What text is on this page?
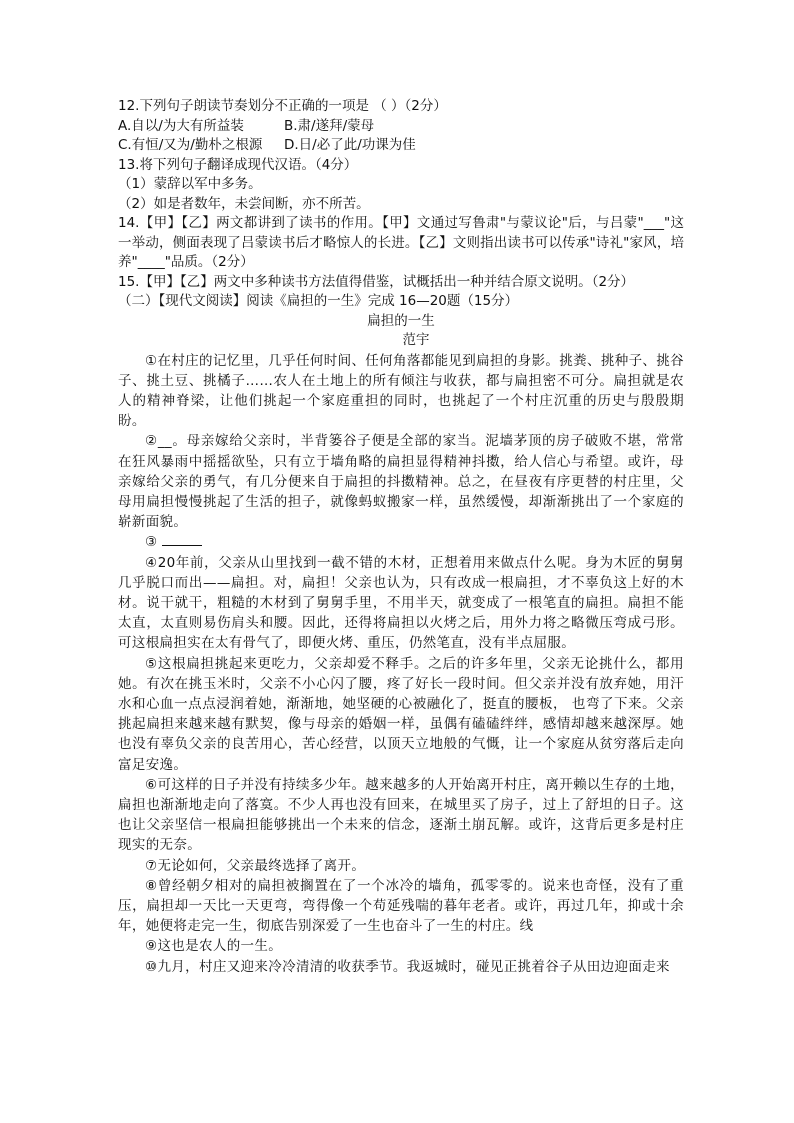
12.下列句子朗读节奏划分不正确的一项是 （ ）（2分）

A.自以/为大有所益装	B.肃/遂拜/蒙母
C.有恒/又为/勤朴之根源	D.日/必了此/功课为佳

13.将下列句子翻译成现代汉语。（4分）

（1）蒙辞以军中多务。

（2）如是者数年，未尝间断，亦不所苦。

14.【甲】【乙】两文都讲到了读书的作用。【甲】文通过写鲁肃"与蒙议论"后，与吕蒙"___"这一举动，侧面表现了吕蒙读书后才略惊人的长进。【乙】文则指出读书可以传承"诗礼"家风，培养"____"品质。（2分）

15.【甲】【乙】两文中多种读书方法值得借鉴，试概括出一种并结合原文说明。（2分）

（二）【现代文阅读】阅读《扁担的一生》完成 16—20题（15分）

扁担的一生

范宇

①在村庄的记忆里，几乎任何时间、任何角落都能见到扁担的身影。挑粪、挑种子、挑谷子、挑土豆、挑橘子……农人在土地上的所有倾注与收获，都与扁担密不可分。扁担就是农人的精神脊梁，让他们挑起一个家庭重担的同时，也挑起了一个村庄沉重的历史与殷殷期盼。

②__。母亲嫁给父亲时，半背篓谷子便是全部的家当。泥墙茅顶的房子破败不堪，常常在狂风暴雨中摇摇欲坠，只有立于墙角略的扁担显得精神抖擞，给人信心与希望。或许，母亲嫁给父亲的勇气，有几分便来自于扁担的抖擞精神。总之，在昼夜有序更替的村庄里，父母用扁担慢慢挑起了生活的担子，就像蚂蚁搬家一样，虽然缓慢，却渐渐挑出了一个家庭的崭新面貌。

③

④20年前，父亲从山里找到一截不错的木材，正想着用来做点什么呢。身为木匠的舅舅几乎脱口而出——扁担。对，扁担！父亲也认为，只有改成一根扁担，才不辜负这上好的木材。说干就干，粗糙的木材到了舅舅手里，不用半天，就变成了一根笔直的扁担。扁担不能太直，太直则易伤肩头和腰。因此，还得将扁担以火烤之后，用外力将之略微压弯成弓形。可这根扁担实在太有骨气了，即便火烤、重压，仍然笔直，没有半点屈服。

⑤这根扁担挑起来更吃力，父亲却爱不释手。之后的许多年里，父亲无论挑什么，都用她。有次在挑玉米时，父亲不小心闪了腰，疼了好长一段时间。但父亲并没有放弃她，用汗水和心血一点点浸润着她，渐渐地，她坚硬的心被融化了，挺直的腰板， 也弯了下来。父亲挑起扁担来越来越有默契，像与母亲的婚姻一样，虽偶有磕磕绊绊，感情却越来越深厚。她也没有辜负父亲的良苦用心，苦心经营，以顶天立地般的气慨，让一个家庭从贫穷落后走向富足安逸。

⑥可这样的日子并没有持续多少年。越来越多的人开始离开村庄，离开赖以生存的土地，扁担也渐渐地走向了落寞。不少人再也没有回来，在城里买了房子，过上了舒坦的日子。这也让父亲坚信一根扁担能够挑出一个未来的信念，逐渐土崩瓦解。或许，这背后更多是村庄现实的无奈。

⑦无论如何，父亲最终选择了离开。

⑧曾经朝夕相对的扁担被搁置在了一个冰冷的墙角，孤零零的。说来也奇怪，没有了重压，扁担却一天比一天更弯，弯得像一个苟延残喘的暮年老者。或许，再过几年，抑或十余年，她便将走完一生，彻底告别深爱了一生也奋斗了一生的村庄。线

⑨这也是农人的一生。

⑩九月，村庄又迎来冷冷清清的收获季节。我返城时，碰见正挑着谷子从田边迎面走来
